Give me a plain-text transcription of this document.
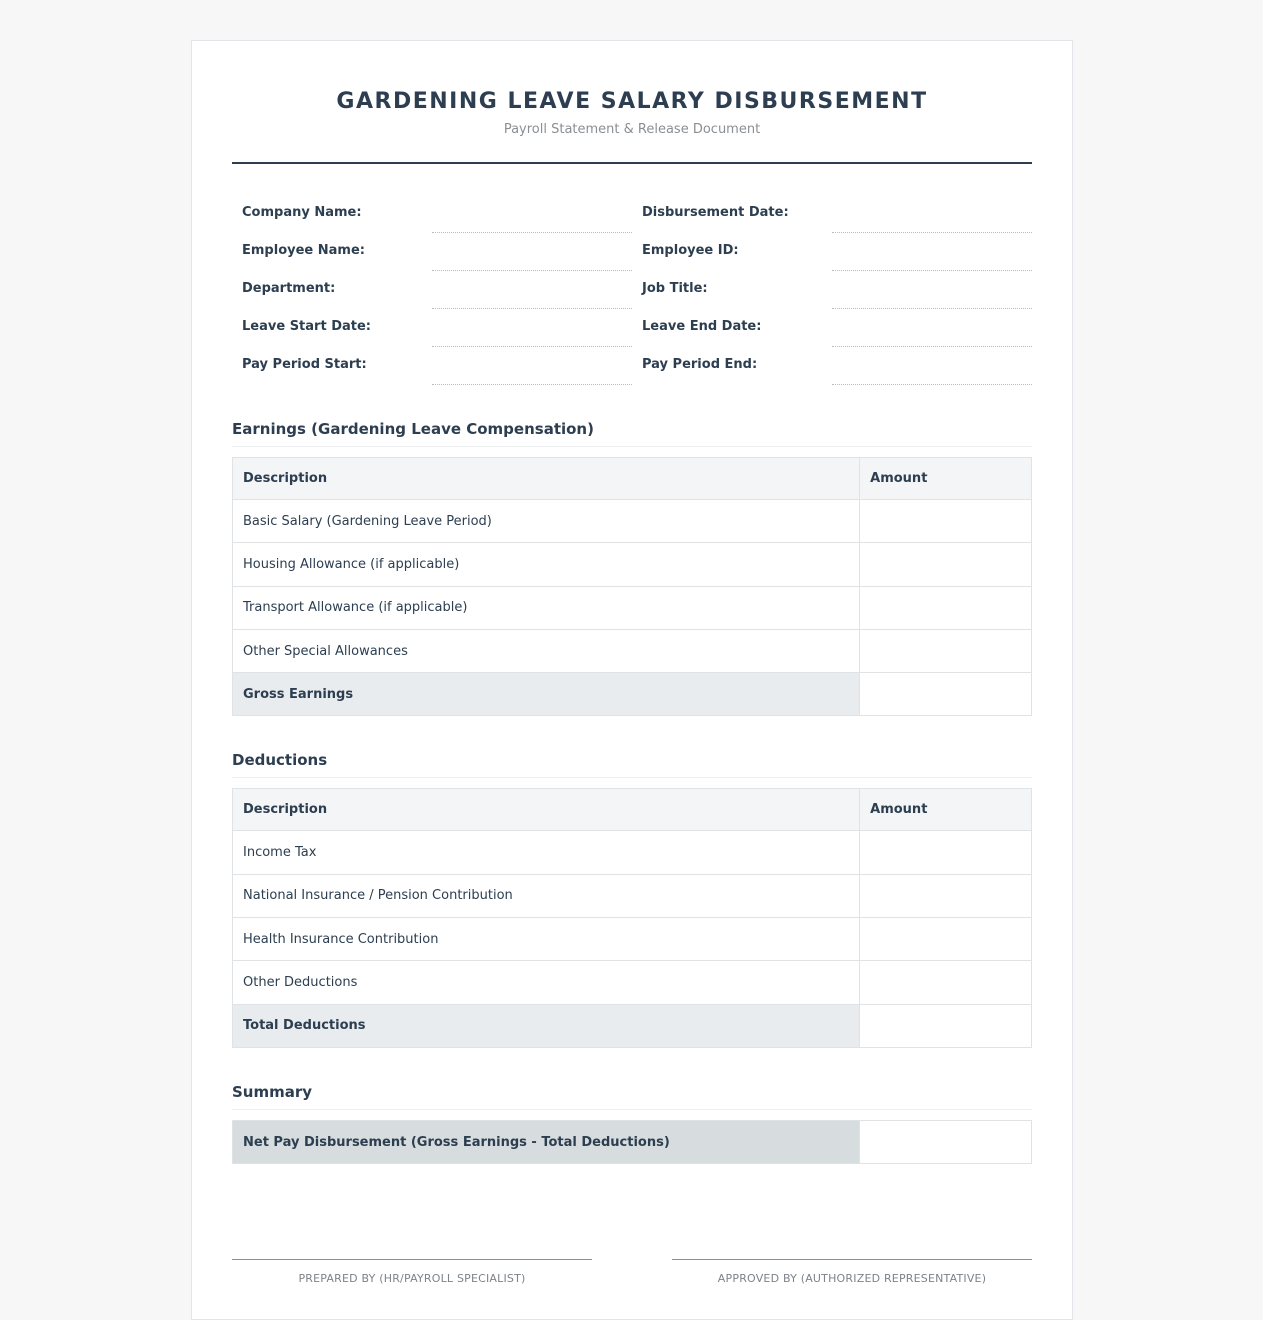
GARDENING LEAVE SALARY DISBURSEMENT
Payroll Statement & Release Document
Company Name:	Disbursement Date:
Employee Name:	Employee ID:
Department:	Job Title:
Leave Start Date:	Leave End Date:
Pay Period Start:	Pay Period End:
Earnings (Gardening Leave Compensation)
Description	Amount
Basic Salary (Gardening Leave Period)	
Housing Allowance (if applicable)	
Transport Allowance (if applicable)	
Other Special Allowances	
Gross Earnings	
Deductions
Description	Amount
Income Tax	
National Insurance / Pension Contribution	
Health Insurance Contribution	
Other Deductions	
Total Deductions	
Summary
Net Pay Disbursement (Gross Earnings - Total Deductions)	
PREPARED BY (HR/PAYROLL SPECIALIST)	APPROVED BY (AUTHORIZED REPRESENTATIVE)
